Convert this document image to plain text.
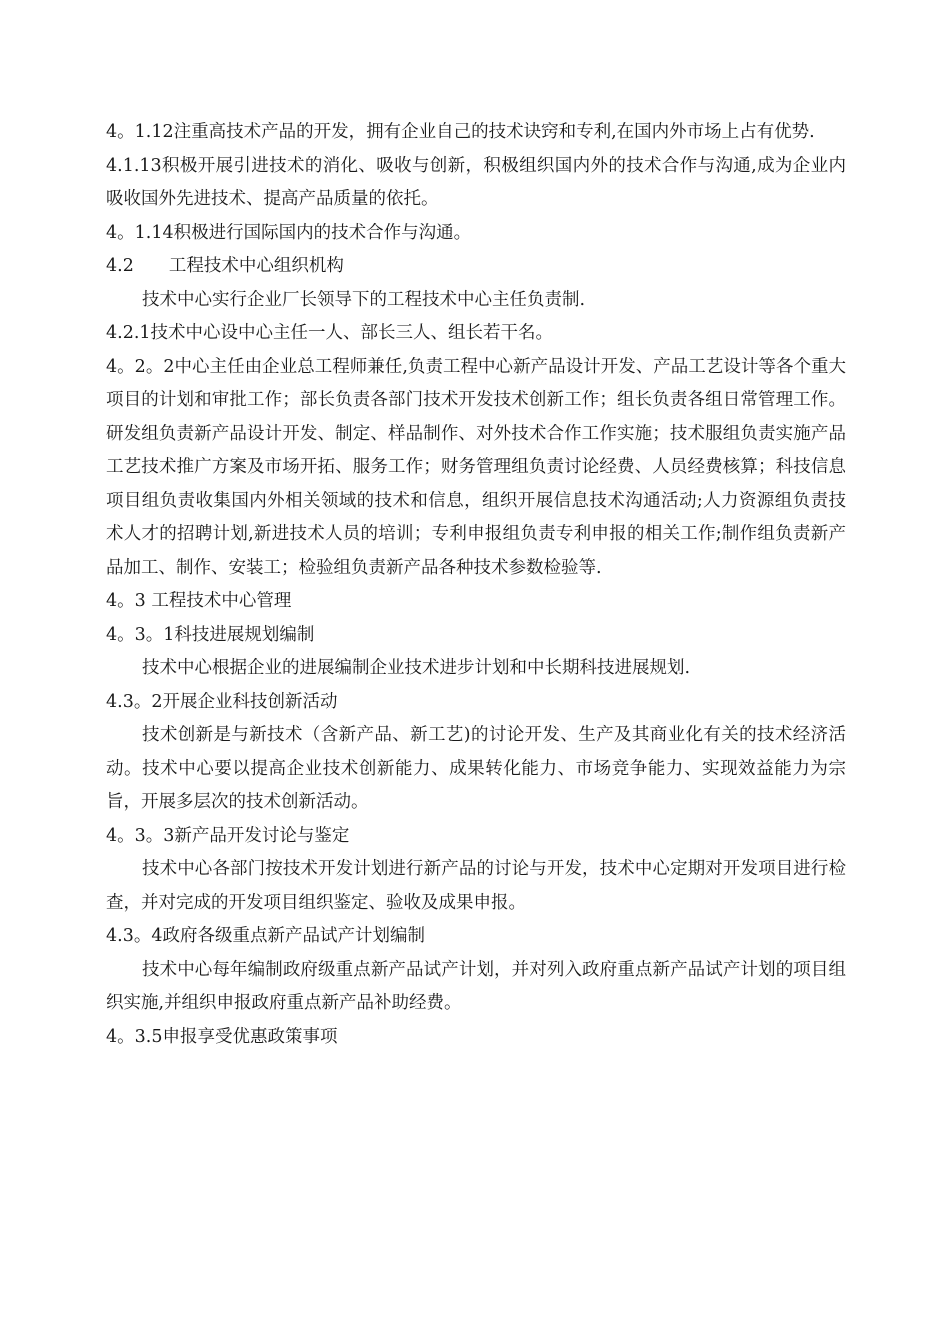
4。1.12注重高技术产品的开发，拥有企业自己的技术诀窍和专利,在国内外市场上占有优势.

4.1.13积极开展引进技术的消化、吸收与创新，积极组织国内外的技术合作与沟通,成为企业内吸收国外先进技术、提高产品质量的依托。

4。1.14积极进行国际国内的技术合作与沟通。

4.2　　工程技术中心组织机构

技术中心实行企业厂长领导下的工程技术中心主任负责制.

4.2.1技术中心设中心主任一人、部长三人、组长若干名。

4。2。2中心主任由企业总工程师兼任,负责工程中心新产品设计开发、产品工艺设计等各个重大项目的计划和审批工作；部长负责各部门技术开发技术创新工作；组长负责各组日常管理工作。研发组负责新产品设计开发、制定、样品制作、对外技术合作工作实施；技术服组负责实施产品工艺技术推广方案及市场开拓、服务工作；财务管理组负责讨论经费、人员经费核算；科技信息项目组负责收集国内外相关领域的技术和信息，组织开展信息技术沟通活动;人力资源组负责技术人才的招聘计划,新进技术人员的培训；专利申报组负责专利申报的相关工作;制作组负责新产品加工、制作、安装工；检验组负责新产品各种技术参数检验等.

4。3 工程技术中心管理

4。3。1科技进展规划编制

技术中心根据企业的进展编制企业技术进步计划和中长期科技进展规划.

4.3。2开展企业科技创新活动

技术创新是与新技术（含新产品、新工艺)的讨论开发、生产及其商业化有关的技术经济活动。技术中心要以提高企业技术创新能力、成果转化能力、市场竞争能力、实现效益能力为宗旨，开展多层次的技术创新活动。

4。3。3新产品开发讨论与鉴定

技术中心各部门按技术开发计划进行新产品的讨论与开发，技术中心定期对开发项目进行检查，并对完成的开发项目组织鉴定、验收及成果申报。

4.3。4政府各级重点新产品试产计划编制

技术中心每年编制政府级重点新产品试产计划，并对列入政府重点新产品试产计划的项目组织实施,并组织申报政府重点新产品补助经费。

4。3.5申报享受优惠政策事项
